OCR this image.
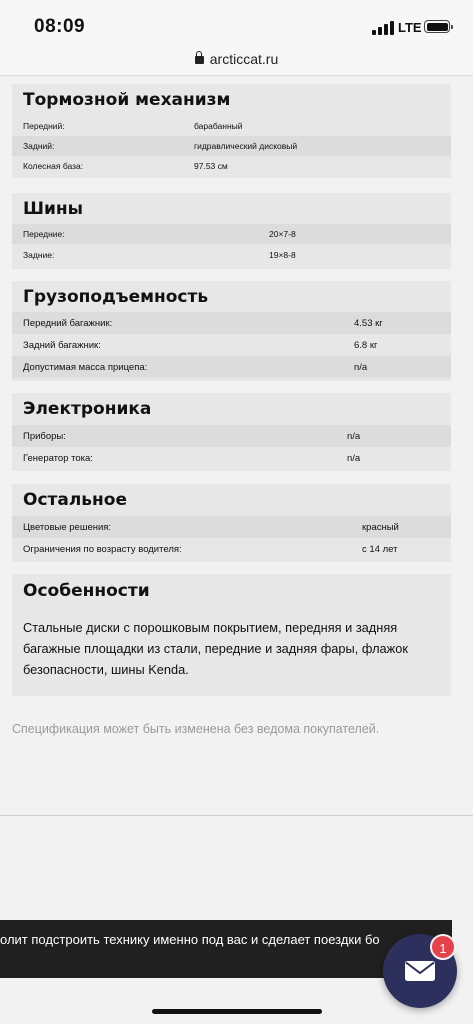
08:09	LTE
arcticcat.ru
Тормозной механизм
Передний:	барабанный
Задний:	гидравлический дисковый
Колесная база:	97.53 см
Шины
Передние:	20×7-8
Задние:	19×8-8
Грузоподъемность
Передний багажник:	4.53 кг
Задний багажник:	6.8 кг
Допустимая масса прицепа:	n/a
Электроника
Приборы:	n/a
Генератор тока:	n/a
Остальное
Цветовые решения:	красный
Ограничения по возрасту водителя:	с 14 лет
Особенности
Стальные диски с порошковым покрытием, передняя и задняя багажные площадки из стали, передние и задняя фары, флажок безопасности, шины Kenda.
Спецификация может быть изменена без ведома покупателей.
олит подстроить технику именно под вас и сделает поездки бо
1
